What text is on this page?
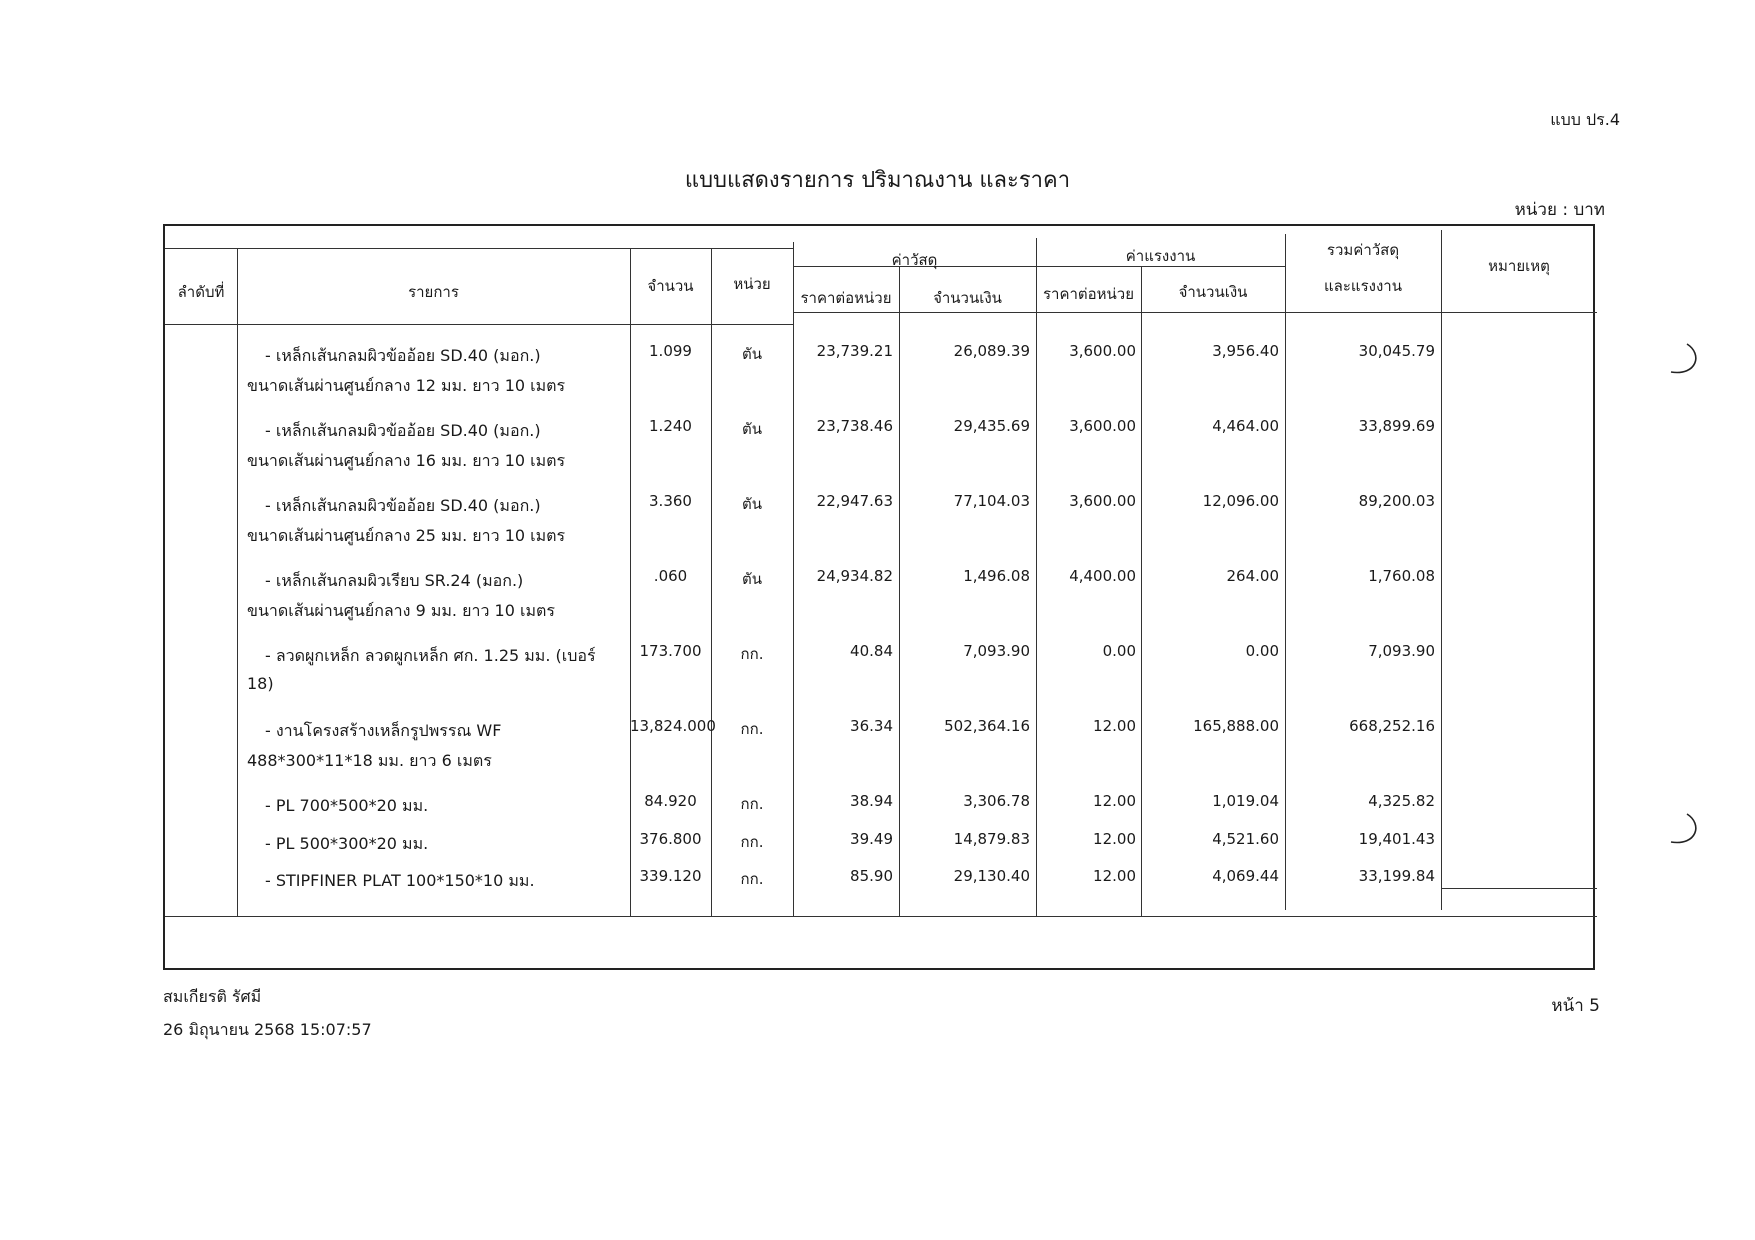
แบบ ปร.4
แบบแสดงรายการ ปริมาณงาน และราคา
หน่วย : บาท
ลำดับที่	รายการ	จำนวน	หน่วย
ค่าวัสดุ	ค่าแรงงาน
ราคาต่อหน่วย	จำนวนเงิน	ราคาต่อหน่วย	จำนวนเงิน
รวมค่าวัสดุ
และแรงงาน
หมายเหตุ
- เหล็กเส้นกลมผิวข้ออ้อย SD.40 (มอก.)	1.099	ตัน	23,739.21	26,089.39	3,600.00	3,956.40	30,045.79
ขนาดเส้นผ่านศูนย์กลาง 12 มม. ยาว 10 เมตร
- เหล็กเส้นกลมผิวข้ออ้อย SD.40 (มอก.)	1.240	ตัน	23,738.46	29,435.69	3,600.00	4,464.00	33,899.69
ขนาดเส้นผ่านศูนย์กลาง 16 มม. ยาว 10 เมตร
- เหล็กเส้นกลมผิวข้ออ้อย SD.40 (มอก.)	3.360	ตัน	22,947.63	77,104.03	3,600.00	12,096.00	89,200.03
ขนาดเส้นผ่านศูนย์กลาง 25 มม. ยาว 10 เมตร
- เหล็กเส้นกลมผิวเรียบ SR.24 (มอก.)	.060	ตัน	24,934.82	1,496.08	4,400.00	264.00	1,760.08
ขนาดเส้นผ่านศูนย์กลาง 9 มม. ยาว 10 เมตร
- ลวดผูกเหล็ก ลวดผูกเหล็ก ศก. 1.25 มม. (เบอร์	173.700	กก.	40.84	7,093.90	0.00	0.00	7,093.90
18)
- งานโครงสร้างเหล็กรูปพรรณ WF	13,824.000	กก.	36.34	502,364.16	12.00	165,888.00	668,252.16
488*300*11*18 มม. ยาว 6 เมตร
- PL 700*500*20 มม.	84.920	กก.	38.94	3,306.78	12.00	1,019.04	4,325.82
- PL 500*300*20 มม.	376.800	กก.	39.49	14,879.83	12.00	4,521.60	19,401.43
- STIPFINER PLAT 100*150*10 มม.	339.120	กก.	85.90	29,130.40	12.00	4,069.44	33,199.84
สมเกียรติ รัศมี
26 มิถุนายน 2568 15:07:57
หน้า 5
